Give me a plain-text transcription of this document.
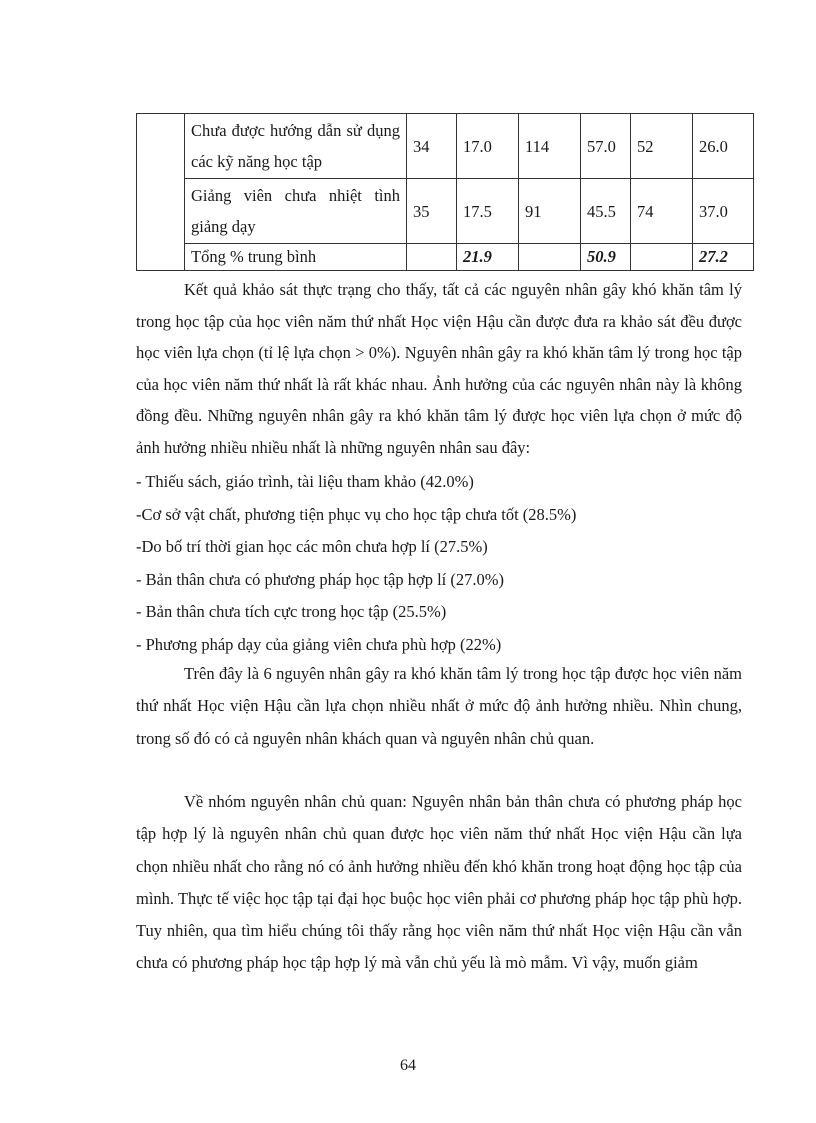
	Chưa được hướng dẫn sử dụng các kỹ năng học tập	34	17.0	114	57.0	52	26.0
	Giảng viên chưa nhiệt tình giảng dạy	35	17.5	91	45.5	74	37.0
	Tổng % trung bình		21.9		50.9		27.2

Kết quả khảo sát thực trạng cho thấy, tất cả các nguyên nhân gây khó khăn tâm lý trong học tập của học viên năm thứ nhất Học viện Hậu cần được đưa ra khảo sát đều được học viên lựa chọn (tỉ lệ lựa chọn > 0%). Nguyên nhân gây ra khó khăn tâm lý trong học tập của học viên năm thứ nhất là rất khác nhau. Ảnh hưởng của các nguyên nhân này là không đồng đều. Những nguyên nhân gây ra khó khăn tâm lý được học viên lựa chọn ở mức độ ảnh hưởng nhiều nhiều nhất là những nguyên nhân sau đây:

- Thiếu sách, giáo trình, tài liệu tham khảo (42.0%)
-Cơ sở vật chất, phương tiện phục vụ cho học tập chưa tốt (28.5%)
-Do bố trí thời gian học các môn chưa hợp lí (27.5%)
- Bản thân chưa có phương pháp học tập hợp lí (27.0%)
- Bản thân chưa tích cực trong học tập (25.5%)
- Phương pháp dạy của giảng viên chưa phù hợp (22%)

Trên đây là 6 nguyên nhân gây ra khó khăn tâm lý trong học tập được học viên năm thứ nhất Học viện Hậu cần lựa chọn nhiều nhất ở mức độ ảnh hưởng nhiều. Nhìn chung, trong số đó có cả nguyên nhân khách quan và nguyên nhân chủ quan.

Về nhóm nguyên nhân chủ quan: Nguyên nhân bản thân chưa có phương pháp học tập hợp lý là nguyên nhân chủ quan được học viên năm thứ nhất Học viện Hậu cần lựa chọn nhiều nhất cho rằng nó có ảnh hưởng nhiều đến khó khăn trong hoạt động học tập của mình. Thực tế việc học tập tại đại học buộc học viên phải cơ phương pháp học tập phù hợp. Tuy nhiên, qua tìm hiểu chúng tôi thấy rằng học viên năm thứ nhất Học viện Hậu cần vẫn chưa có phương pháp học tập hợp lý mà vẫn chủ yếu là mò mẫm. Vì vậy, muốn giảm

64
